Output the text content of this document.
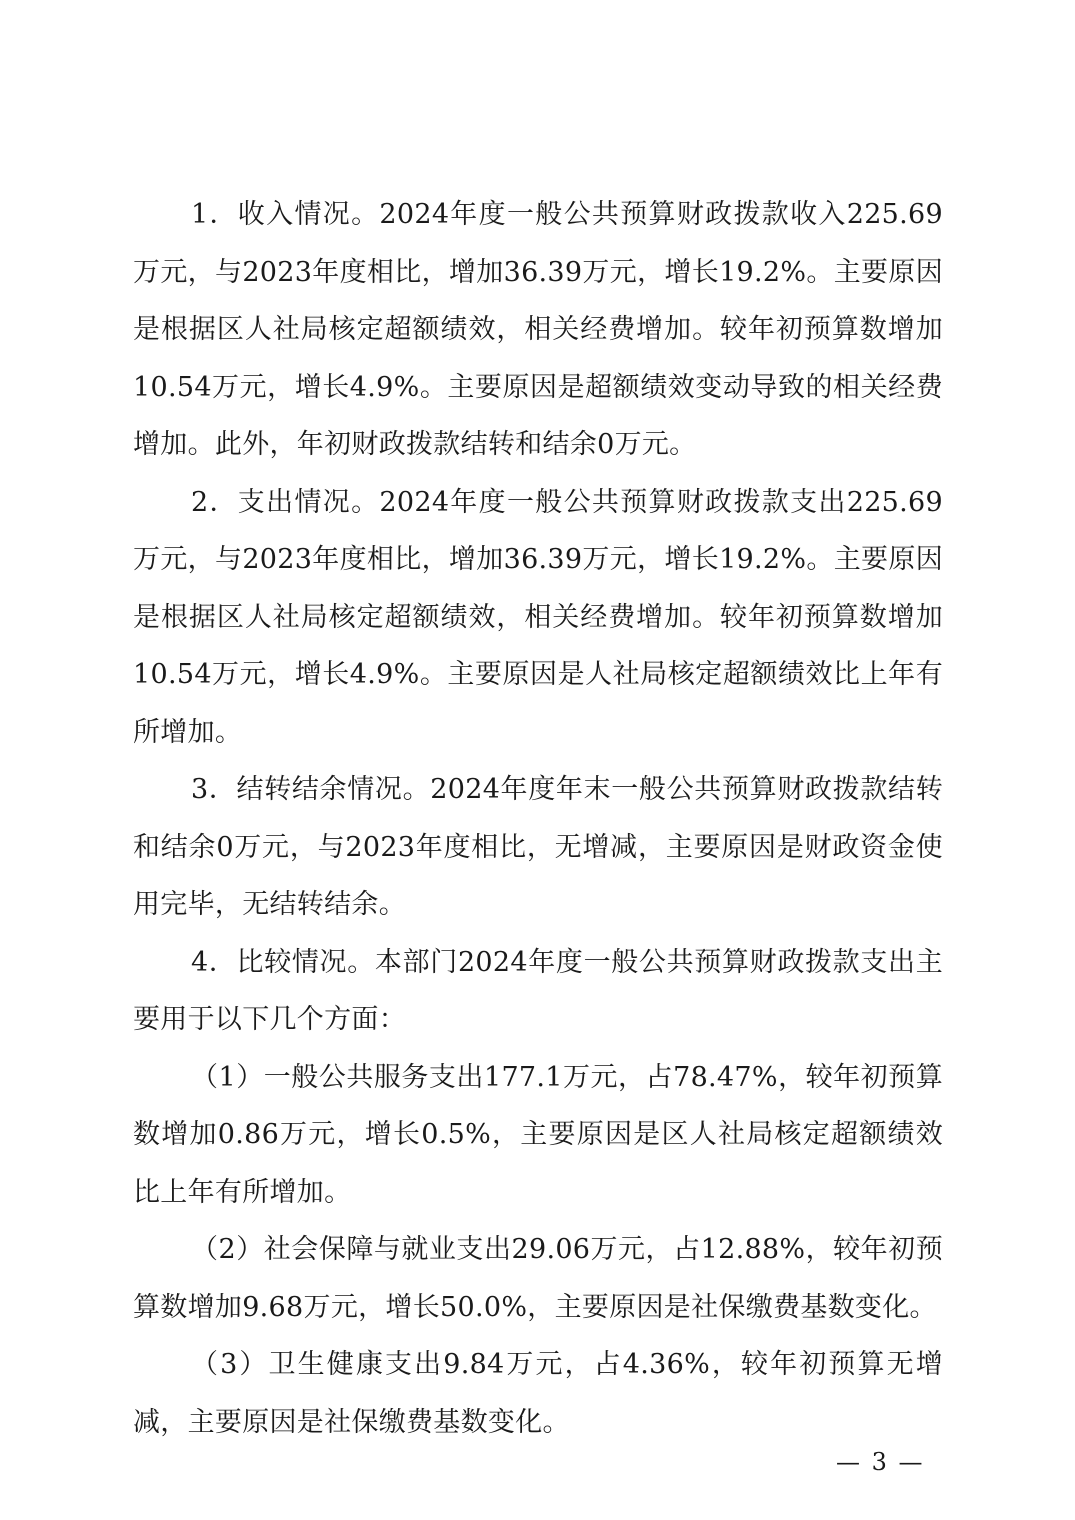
1．收入情况。2024年度一般公共预算财政拨款收入225.69万元，与2023年度相比，增加36.39万元，增长19.2%。主要原因是根据区人社局核定超额绩效，相关经费增加。较年初预算数增加10.54万元，增长4.9%。主要原因是超额绩效变动导致的相关经费增加。此外，年初财政拨款结转和结余0万元。

2．支出情况。2024年度一般公共预算财政拨款支出225.69万元，与2023年度相比，增加36.39万元，增长19.2%。主要原因是根据区人社局核定超额绩效，相关经费增加。较年初预算数增加10.54万元，增长4.9%。主要原因是人社局核定超额绩效比上年有所增加。

3．结转结余情况。2024年度年末一般公共预算财政拨款结转和结余0万元，与2023年度相比，无增减，主要原因是财政资金使用完毕，无结转结余。

4．比较情况。本部门2024年度一般公共预算财政拨款支出主要用于以下几个方面：

（1）一般公共服务支出177.1万元，占78.47%，较年初预算数增加0.86万元，增长0.5%，主要原因是区人社局核定超额绩效比上年有所增加。

（2）社会保障与就业支出29.06万元，占12.88%，较年初预算数增加9.68万元，增长50.0%，主要原因是社保缴费基数变化。

（3）卫生健康支出9.84万元，占4.36%，较年初预算无增减，主要原因是社保缴费基数变化。

— 3 —
